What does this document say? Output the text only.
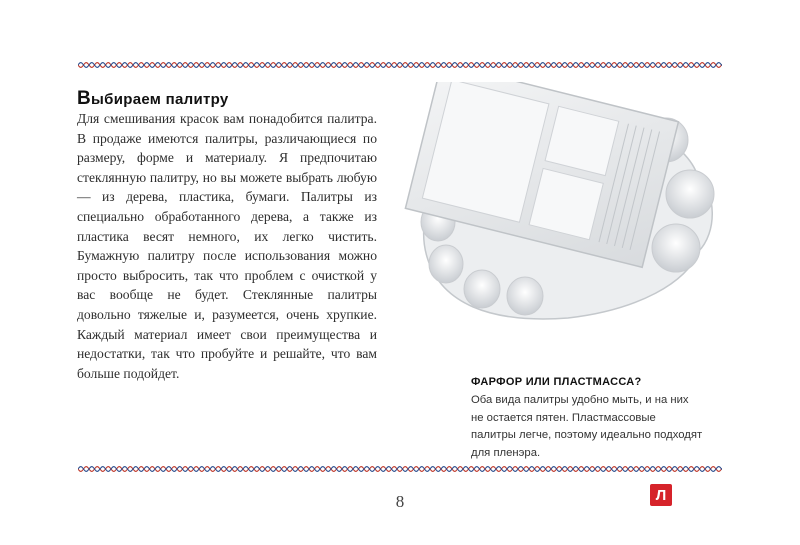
Выбираем палитру
Для смешивания красок вам понадобится палитра. В продаже имеются палитры, различающиеся по размеру, форме и материалу. Я предпочитаю стеклянную палитру, но вы можете выбрать любую — из дерева, пластика, бумаги. Палитры из специально обработанного дерева, а также из пластика весят немного, их легко чистить. Бумажную палитру после использования можно просто выбросить, так что проблем с очисткой у вас вообще не будет. Стеклянные палитры довольно тяжелые и, разумеется, очень хрупкие. Каждый материал имеет свои преимущества и недостатки, так что пробуйте и решайте, что вам больше подойдет.
ФАРФОР ИЛИ ПЛАСТМАССА?
Оба вида палитры удобно мыть, и на них не остается пятен. Пластмассовые палитры легче, поэтому идеально подходят для пленэра.
8	Л
